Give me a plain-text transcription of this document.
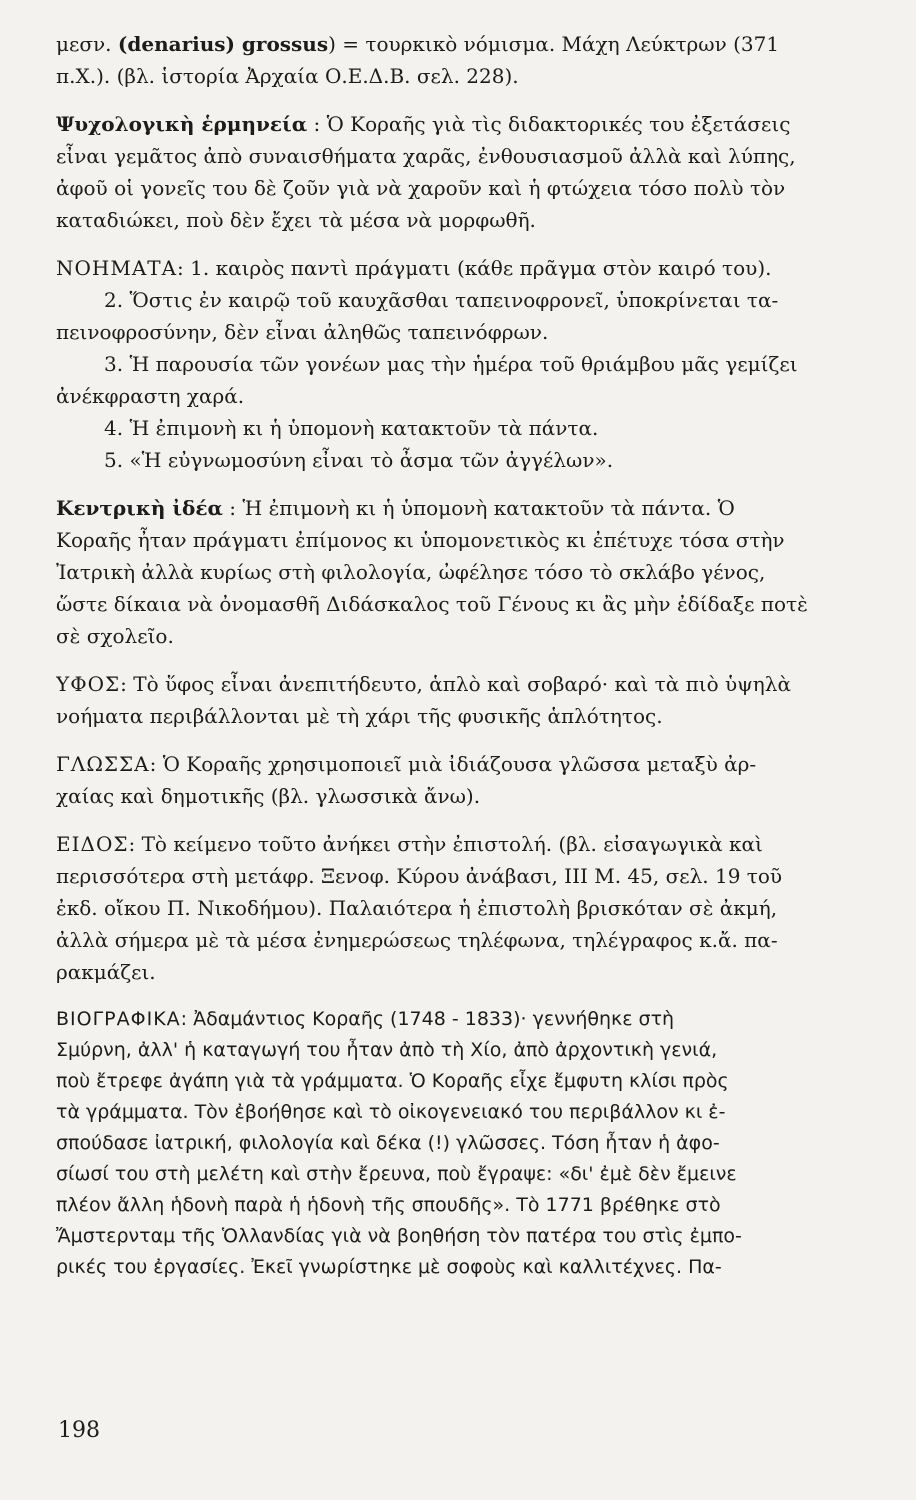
μεσν. (denarius) grossus) = τουρκικὸ νόμισμα. Μάχη Λεύκτρων (371
π.Χ.). (βλ. ἱστορία Ἀρχαία Ο.Ε.Δ.Β. σελ. 228).

Ψυχολογικὴ ἑρμηνεία : Ὁ Κοραῆς γιὰ τὶς διδακτορικές του ἐξετάσεις
εἶναι γεμᾶτος ἀπὸ συναισθήματα χαρᾶς, ἐνθουσιασμοῦ ἀλλὰ καὶ λύπης,
ἀφοῦ οἱ γονεῖς του δὲ ζοῦν γιὰ νὰ χαροῦν καὶ ἡ φτώχεια τόσο πολὺ τὸν
καταδιώκει, ποὺ δὲν ἔχει τὰ μέσα νὰ μορφωθῆ.

ΝΟΗΜΑΤΑ: 1. καιρὸς παντὶ πράγματι (κάθε πρᾶγμα στὸν καιρό του).
2. Ὅστις ἐν καιρῷ τοῦ καυχᾶσθαι ταπεινοφρονεῖ, ὑποκρίνεται τα-
πεινοφροσύνην, δὲν εἶναι ἀληθῶς ταπεινόφρων.
3. Ἡ παρουσία τῶν γονέων μας τὴν ἡμέρα τοῦ θριάμβου μᾶς γεμίζει
ἀνέκφραστη χαρά.
4. Ἡ ἐπιμονὴ κι ἡ ὑπομονὴ κατακτοῦν τὰ πάντα.
5. «Ἡ εὐγνωμοσύνη εἶναι τὸ ἆσμα τῶν ἀγγέλων».

Κεντρικὴ ἰδέα : Ἡ ἐπιμονὴ κι ἡ ὑπομονὴ κατακτοῦν τὰ πάντα. Ὁ
Κοραῆς ἦταν πράγματι ἐπίμονος κι ὑπομονετικὸς κι ἐπέτυχε τόσα στὴν
Ἰατρικὴ ἀλλὰ κυρίως στὴ φιλολογία, ὠφέλησε τόσο τὸ σκλάβο γένος,
ὥστε δίκαια νὰ ὀνομασθῆ Διδάσκαλος τοῦ Γένους κι ἂς μὴν ἐδίδαξε ποτὲ
σὲ σχολεῖο.

ΥΦΟΣ: Τὸ ὕφος εἶναι ἀνεπιτήδευτο, ἁπλὸ καὶ σοβαρό· καὶ τὰ πιὸ ὑψηλὰ
νοήματα περιβάλλονται μὲ τὴ χάρι τῆς φυσικῆς ἁπλότητος.

ΓΛΩΣΣΑ: Ὁ Κοραῆς χρησιμοποιεῖ μιὰ ἰδιάζουσα γλῶσσα μεταξὺ ἀρ-
χαίας καὶ δημοτικῆς (βλ. γλωσσικὰ ἄνω).

ΕΙΔΟΣ: Τὸ κείμενο τοῦτο ἀνήκει στὴν ἐπιστολή. (βλ. εἰσαγωγικὰ καὶ
περισσότερα στὴ μετάφρ. Ξενοφ. Κύρου ἀνάβασι, III Μ. 45, σελ. 19 τοῦ
ἐκδ. οἴκου Π. Νικοδήμου). Παλαιότερα ἡ ἐπιστολὴ βρισκόταν σὲ ἀκμή,
ἀλλὰ σήμερα μὲ τὰ μέσα ἐνημερώσεως τηλέφωνα, τηλέγραφος κ.ἄ. πα-
ρακμάζει.

ΒΙΟΓΡΑΦΙΚΑ: Ἀδαμάντιος Κοραῆς (1748 - 1833)· γεννήθηκε στὴ
Σμύρνη, ἀλλ' ἡ καταγωγή του ἦταν ἀπὸ τὴ Χίο, ἀπὸ ἀρχοντικὴ γενιά,
ποὺ ἔτρεφε ἀγάπη γιὰ τὰ γράμματα. Ὁ Κοραῆς εἶχε ἔμφυτη κλίσι πρὸς
τὰ γράμματα. Τὸν ἐβοήθησε καὶ τὸ οἰκογενειακό του περιβάλλον κι ἐ-
σπούδασε ἰατρική, φιλολογία καὶ δέκα (!) γλῶσσες. Τόση ἦταν ἡ ἀφο-
σίωσί του στὴ μελέτη καὶ στὴν ἔρευνα, ποὺ ἔγραψε: «δι' ἐμὲ δὲν ἔμεινε
πλέον ἄλλη ἡδονὴ παρὰ ἡ ἡδονὴ τῆς σπουδῆς». Τὸ 1771 βρέθηκε στὸ
Ἄμστερνταμ τῆς Ὁλλανδίας γιὰ νὰ βοηθήση τὸν πατέρα του στὶς ἐμπο-
ρικές του ἐργασίες. Ἐκεῖ γνωρίστηκε μὲ σοφοὺς καὶ καλλιτέχνες. Πα-

198
